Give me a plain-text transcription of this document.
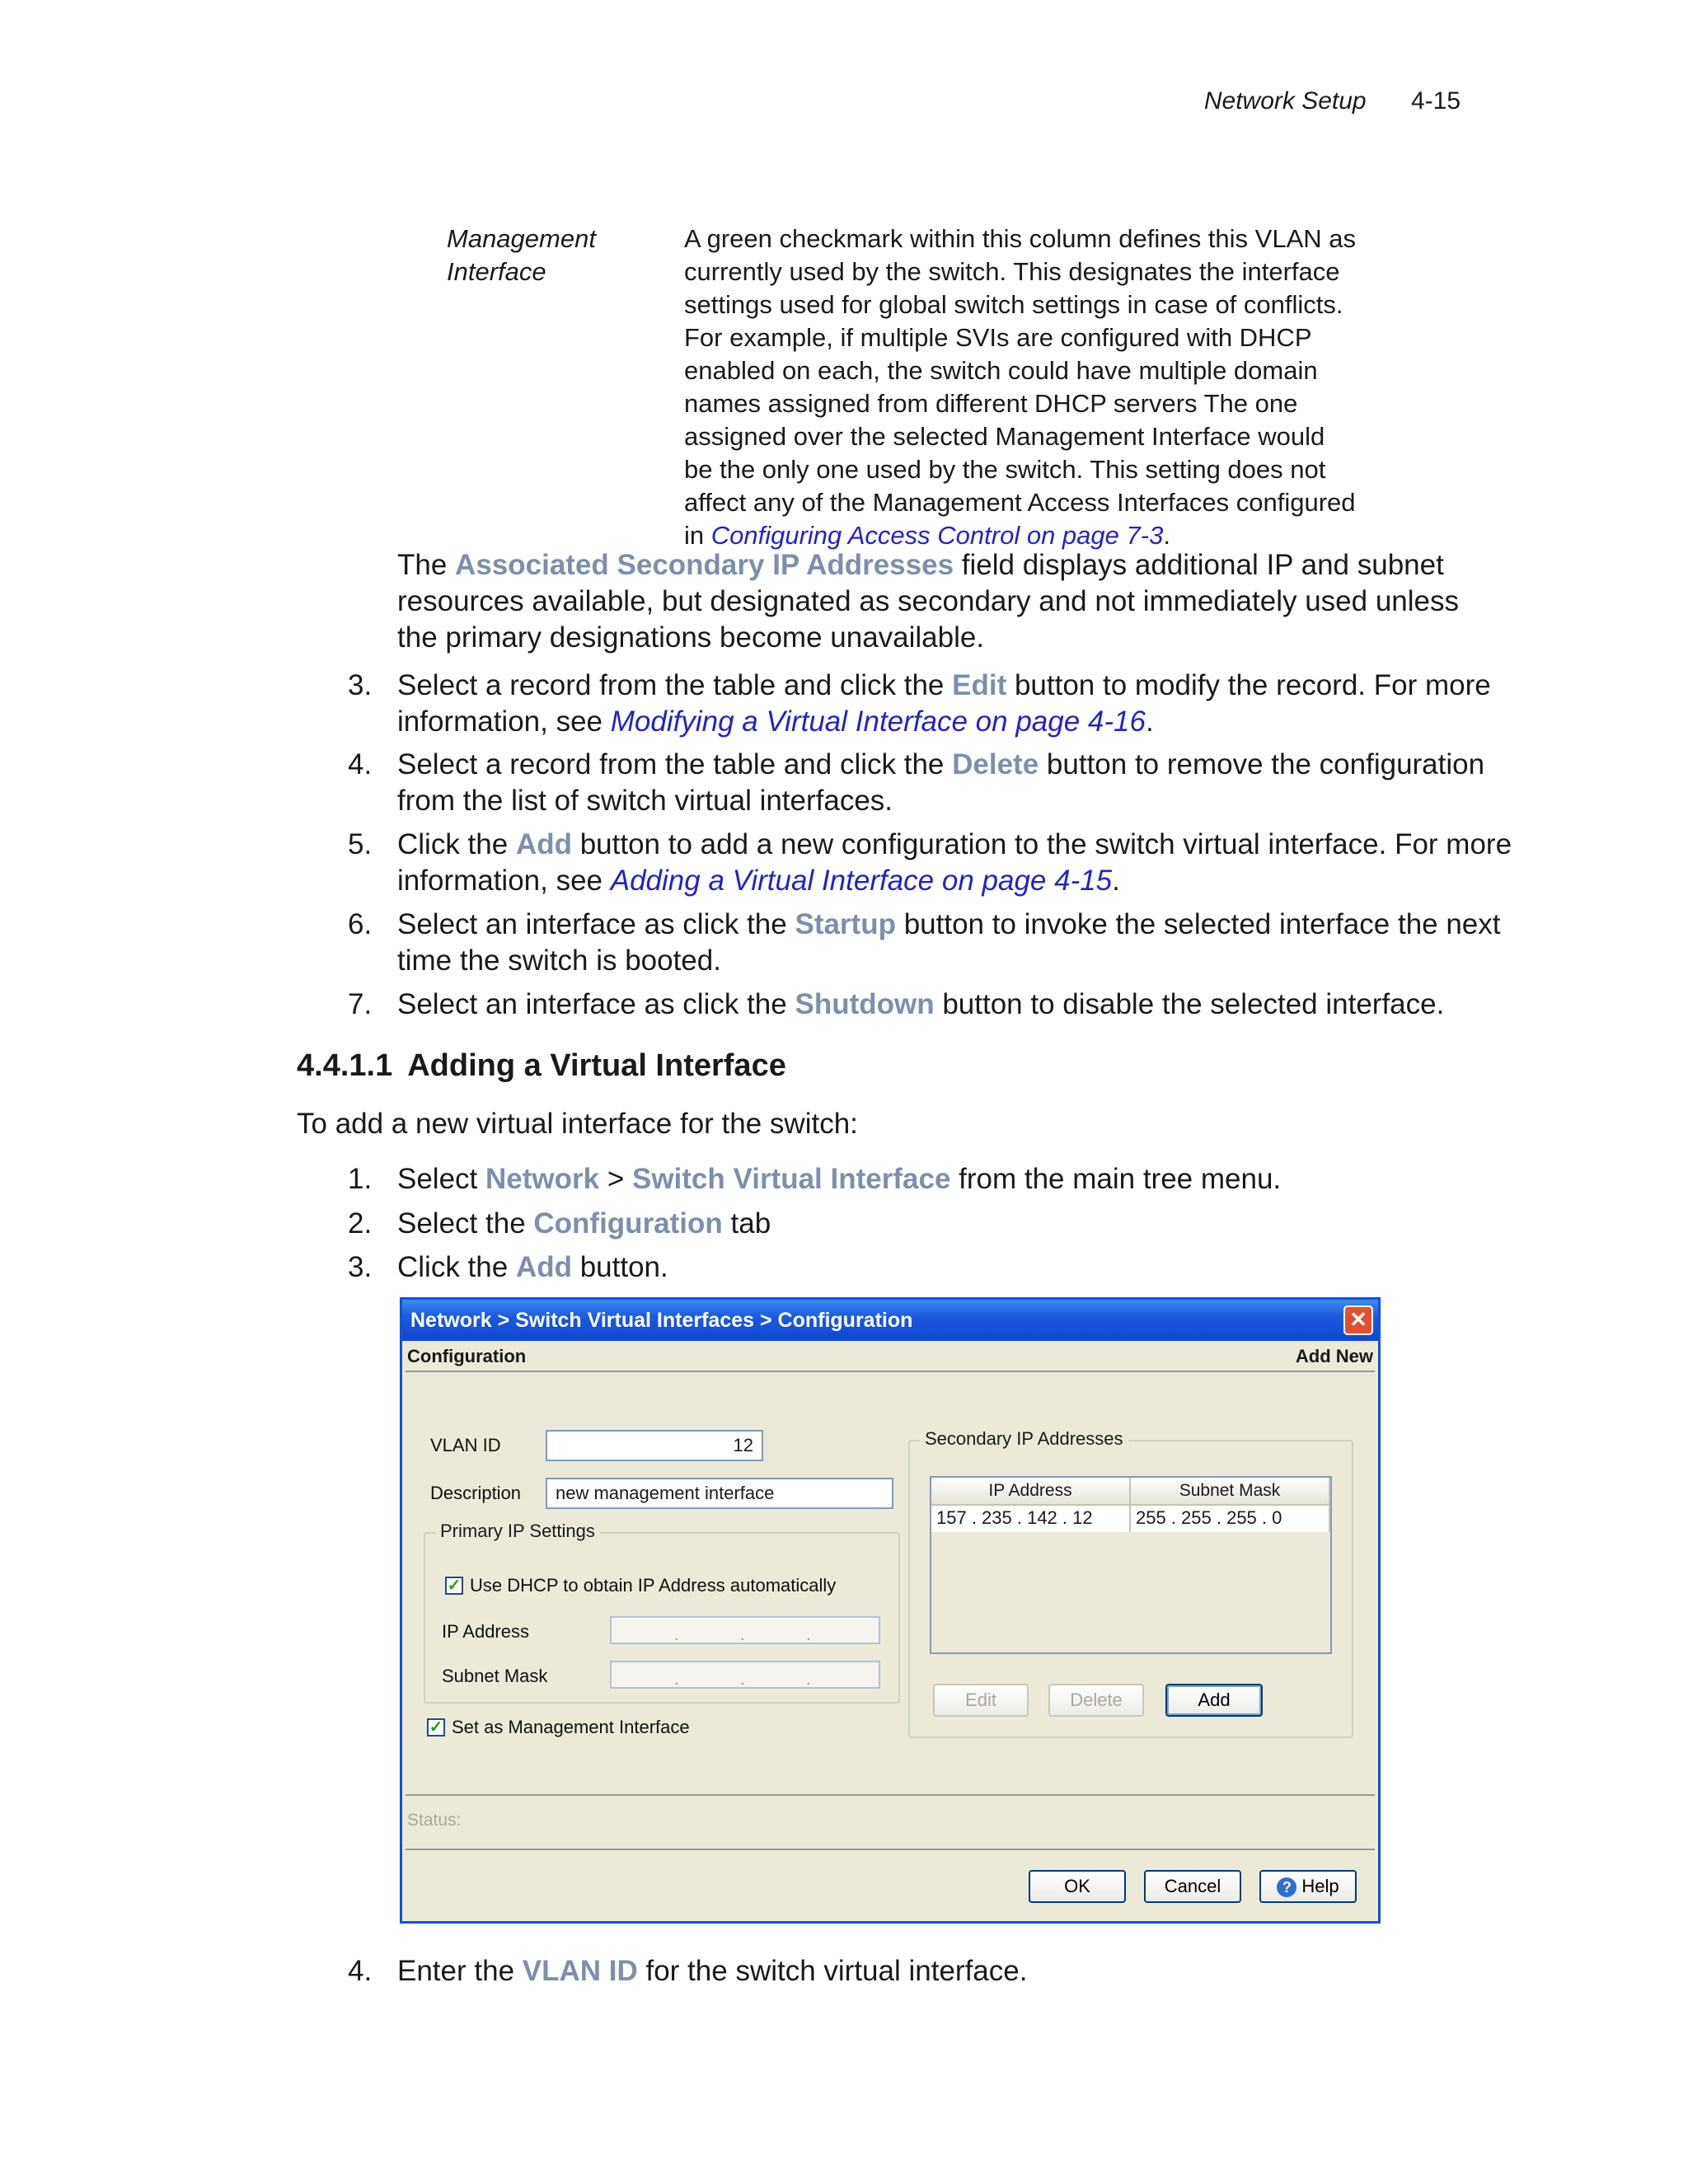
Network Setup 4-15
Management Interface
A green checkmark within this column defines this VLAN as currently used by the switch. This designates the interface settings used for global switch settings in case of conflicts. For example, if multiple SVIs are configured with DHCP enabled on each, the switch could have multiple domain names assigned from different DHCP servers The one assigned over the selected Management Interface would be the only one used by the switch. This setting does not affect any of the Management Access Interfaces configured in Configuring Access Control on page 7-3.
The Associated Secondary IP Addresses field displays additional IP and subnet resources available, but designated as secondary and not immediately used unless the primary designations become unavailable.
3. Select a record from the table and click the Edit button to modify the record. For more information, see Modifying a Virtual Interface on page 4-16.
4. Select a record from the table and click the Delete button to remove the configuration from the list of switch virtual interfaces.
5. Click the Add button to add a new configuration to the switch virtual interface. For more information, see Adding a Virtual Interface on page 4-15.
6. Select an interface as click the Startup button to invoke the selected interface the next time the switch is booted.
7. Select an interface as click the Shutdown button to disable the selected interface.
4.4.1.1 Adding a Virtual Interface
To add a new virtual interface for the switch:
1. Select Network > Switch Virtual Interface from the main tree menu.
2. Select the Configuration tab
3. Click the Add button.
Network > Switch Virtual Interfaces > Configuration	✕
Configuration	Add New
VLAN ID	12
Description	new management interface
Primary IP Settings
✓ Use DHCP to obtain IP Address automatically
IP Address	.	.	.
Subnet Mask	.	.	.
✓ Set as Management Interface
Secondary IP Addresses
IP Address	Subnet Mask
157 . 235 . 142 . 12	255 . 255 . 255 . 0
Edit	Delete	Add
Status:
OK	Cancel	? Help
4. Enter the VLAN ID for the switch virtual interface.
